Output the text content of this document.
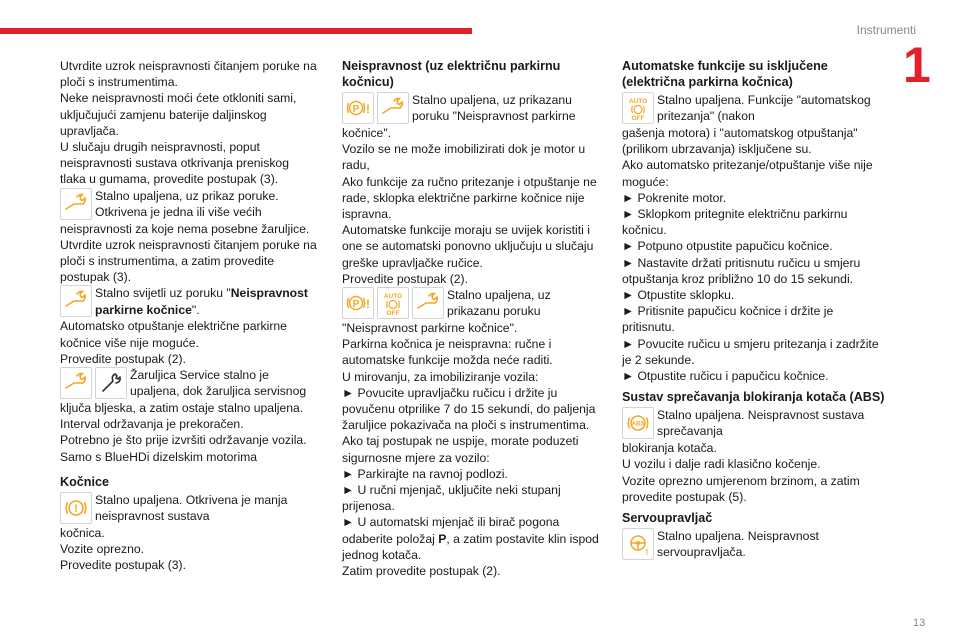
Instrumenti
1
13

Utvrdite uzrok neispravnosti čitanjem poruke na ploči s instrumentima.

Neke neispravnosti moći ćete otkloniti sami, uključujući zamjenu baterije daljinskog upravljača.

U slučaju drugih neispravnosti, poput neispravnosti sustava otkrivanja preniskog tlaka u gumama, provedite postupak (3).

Stalno upaljena, uz prikaz poruke. Otkrivena je jedna ili više većih

neispravnosti za koje nema posebne žaruljice.

Utvrdite uzrok neispravnosti čitanjem poruke na ploči s instrumentima, a zatim provedite postupak (3).

Stalno svijetli uz poruku "Neispravnost parkirne kočnice".

Automatsko otpuštanje električne parkirne kočnice više nije moguće.

Provedite postupak (2).

Žaruljica Service stalno je upaljena, dok žaruljica servisnog

ključa bljeska, a zatim ostaje stalno upaljena.

Interval održavanja je prekoračen.

Potrebno je što prije izvršiti održavanje vozila.

Samo s BlueHDi dizelskim motorima

Kočnice
!

Stalno upaljena. Otkrivena je manja neispravnost sustava

kočnica.

Vozite oprezno.

Provedite postupak (3).

Neispravnost (uz električnu parkirnu kočnicu)
P !

Stalno upaljena, uz prikazanu poruku "Neispravnost parkirne

kočnice".

Vozilo se ne može imobilizirati dok je motor u radu,

Ako funkcije za ručno pritezanje i otpuštanje ne rade, sklopka električne parkirne kočnice nije ispravna.

Automatske funkcije moraju se uvijek koristiti i one se automatski ponovno uključuju u slučaju greške upravljačke ručice.

Provedite postupak (2).

P !
AUTO
OFF

Stalno upaljena, uz prikazanu poruku

"Neispravnost parkirne kočnice".

Parkirna kočnica je neispravna: ručne i automatske funkcije možda neće raditi.

U mirovanju, za imobiliziranje vozila:

► Povucite upravljačku ručicu i držite ju povučenu otprilike 7 do 15 sekundi, do paljenja žaruljice pokazivača na ploči s instrumentima.

Ako taj postupak ne uspije, morate poduzeti sigurnosne mjere za vozilo:

► Parkirajte na ravnoj podlozi.

► U ručni mjenjač, uključite neki stupanj prijenosa.

► U automatski mjenjač ili birač pogona odaberite položaj P, a zatim postavite klin ispod jednog kotača.

Zatim provedite postupak (2).

Automatske funkcije su isključene (električna parkirna kočnica)
AUTO
OFF

Stalno upaljena. Funkcije "automatskog pritezanja" (nakon

gašenja motora) i "automatskog otpuštanja" (prilikom ubrzavanja) isključene su.

Ako automatsko pritezanje/otpuštanje više nije moguće:

► Pokrenite motor.

► Sklopkom pritegnite električnu parkirnu kočnicu.

► Potpuno otpustite papučicu kočnice.

► Nastavite držati pritisnutu ručicu u smjeru otpuštanja kroz približno 10 do 15 sekundi.

► Otpustite sklopku.

► Pritisnite papučicu kočnice i držite je pritisnutu.

► Povucite ručicu u smjeru pritezanja i zadržite je 2 sekunde.

► Otpustite ručicu i papučicu kočnice.

Sustav sprečavanja blokiranja kotača (ABS)
ABS

Stalno upaljena. Neispravnost sustava sprečavanja

blokiranja kotača.

U vozilu i dalje radi klasično kočenje.

Vozite oprezno umjerenom brzinom, a zatim provedite postupak (5).

Servoupravljač
!

Stalno upaljena. Neispravnost servoupravljača.
